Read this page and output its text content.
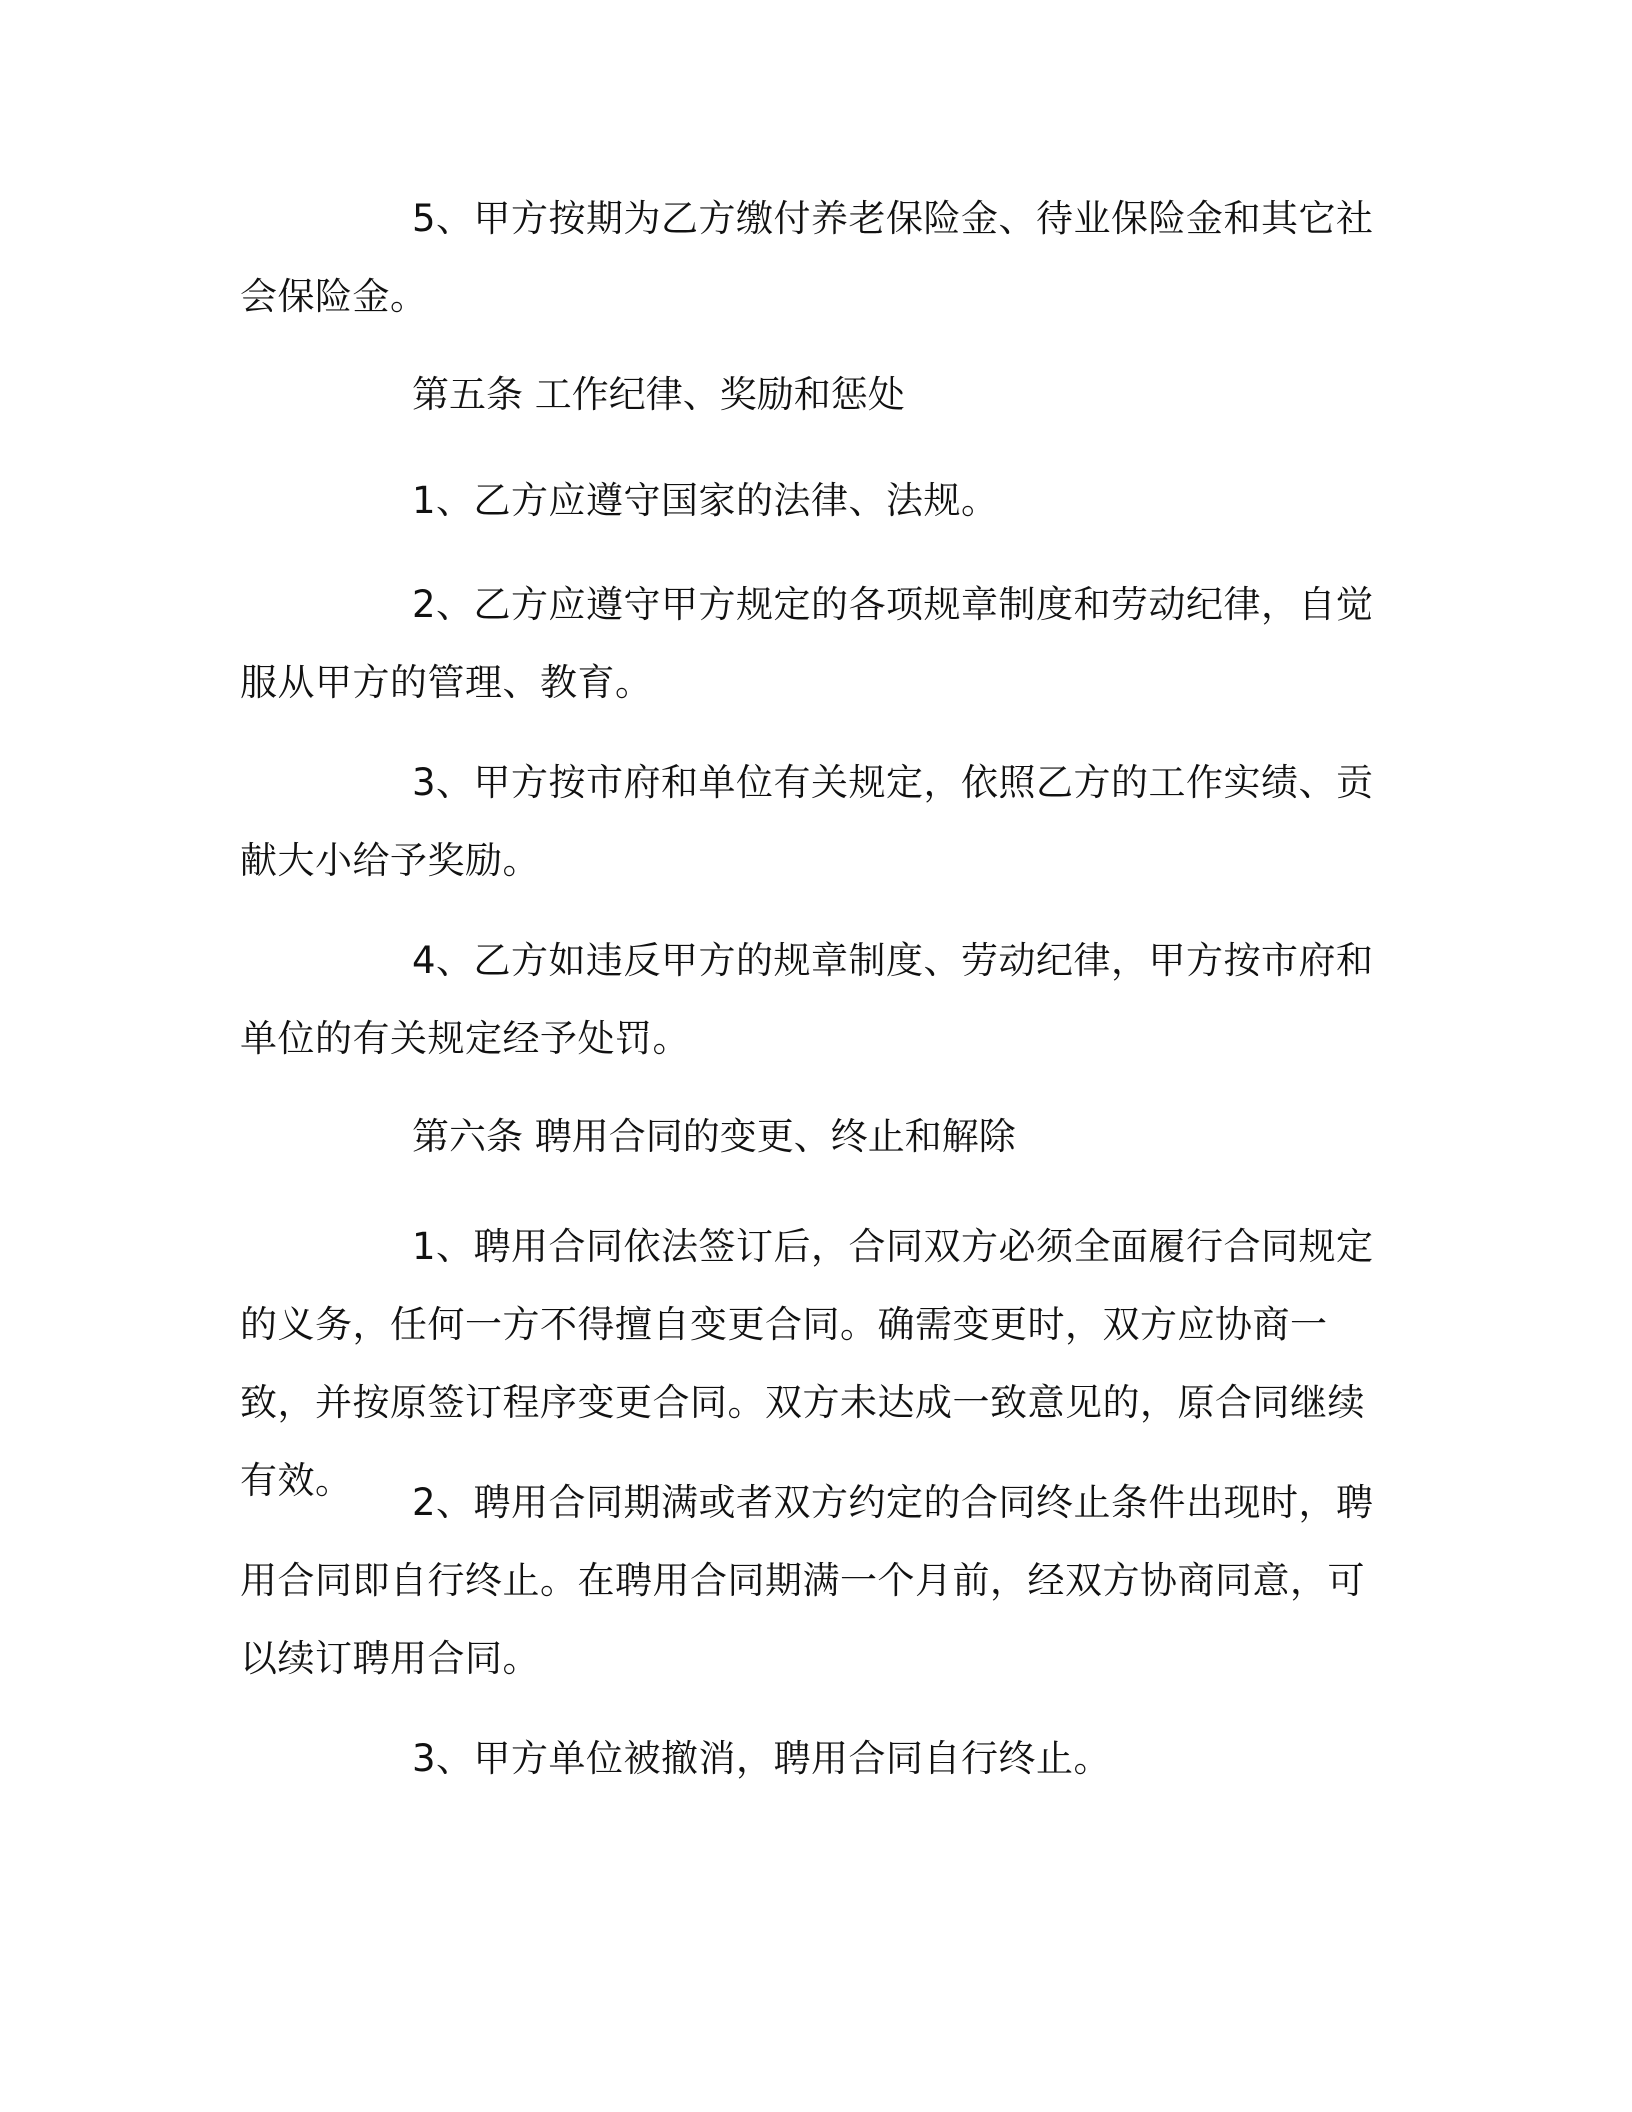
5、甲方按期为乙方缴付养老保险金、待业保险金和其它社会保险金。

第五条 工作纪律、奖励和惩处

1、乙方应遵守国家的法律、法规。

2、乙方应遵守甲方规定的各项规章制度和劳动纪律，自觉服从甲方的管理、教育。

3、甲方按市府和单位有关规定，依照乙方的工作实绩、贡献大小给予奖励。

4、乙方如违反甲方的规章制度、劳动纪律，甲方按市府和单位的有关规定经予处罚。

第六条 聘用合同的变更、终止和解除

1、聘用合同依法签订后，合同双方必须全面履行合同规定的义务，任何一方不得擅自变更合同。确需变更时，双方应协商一致，并按原签订程序变更合同。双方未达成一致意见的，原合同继续有效。

2、聘用合同期满或者双方约定的合同终止条件出现时，聘用合同即自行终止。在聘用合同期满一个月前，经双方协商同意，可以续订聘用合同。

3、甲方单位被撤消，聘用合同自行终止。
